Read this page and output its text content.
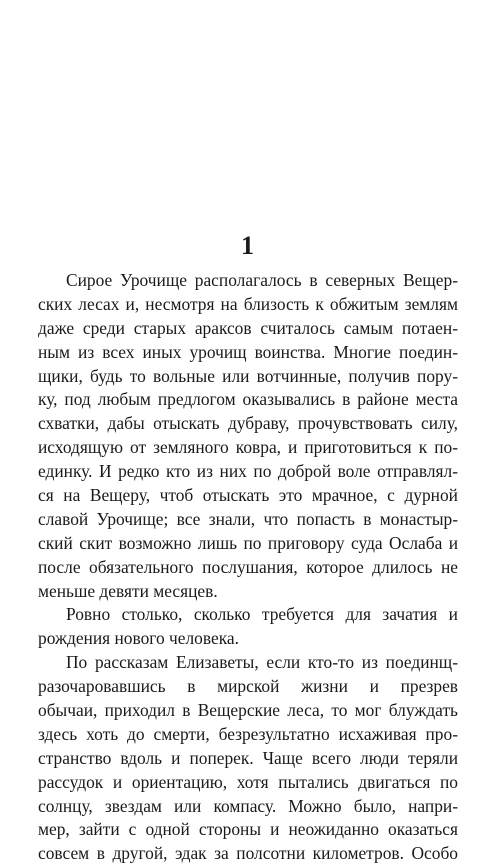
1

Сирое Урочище располагалось в северных Вещер-
ских лесах и, несмотря на близость к обжитым землям
даже среди старых араксов считалось самым потаен-
ным из всех иных урочищ воинства. Многие поедин-
щики, будь то вольные или вотчинные, получив пору-
ку, под любым предлогом оказывались в районе места
схватки, дабы отыскать дубраву, прочувствовать силу,
исходящую от земляного ковра, и приготовиться к по-
единку. И редко кто из них по доброй воле отправлял-
ся на Вещеру, чтоб отыскать это мрачное, с дурной
славой Урочище; все знали, что попасть в монастыр-
ский скит возможно лишь по приговору суда Ослаба и
после обязательного послушания, которое длилось не
меньше девяти месяцев.

Ровно столько, сколько требуется для зачатия и
рождения нового человека.

По рассказам Елизаветы, если кто-то из поединщ-
разочаровавшись в мирской жизни и презрев
обычаи, приходил в Вещерские леса, то мог блуждать
здесь хоть до смерти, безрезультатно исхаживая про-
странство вдоль и поперек. Чаще всего люди теряли
рассудок и ориентацию, хотя пытались двигаться по
солнцу, звездам или компасу. Можно было, напри-
мер, зайти с одной стороны и неожиданно оказаться
совсем в другой, эдак за полсотни километров. Особо
